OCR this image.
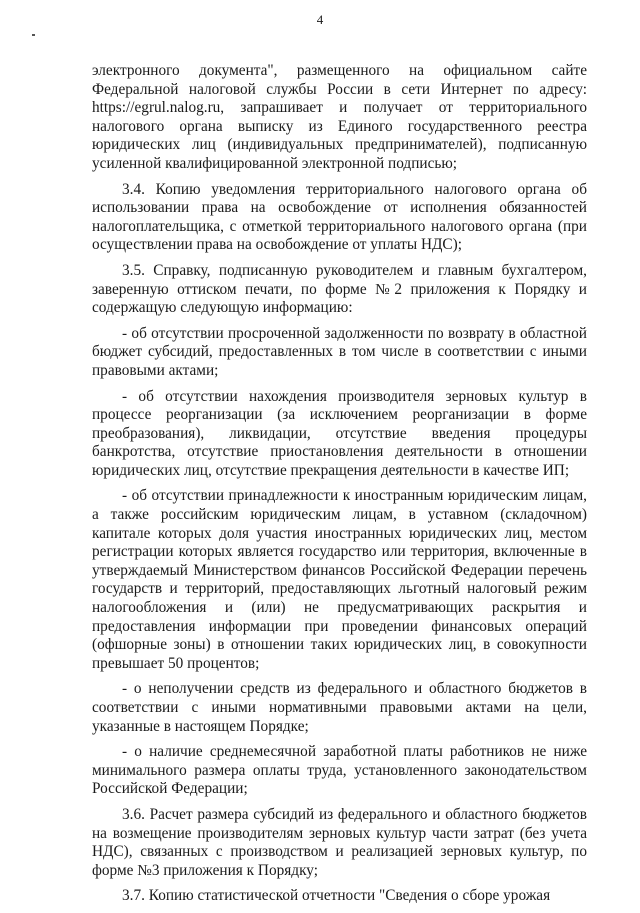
4

электронного документа", размещенного на официальном сайте Федеральной налоговой службы России в сети Интернет по адресу: https://egrul.nalog.ru, запрашивает и получает от территориального налогового органа выписку из Единого государственного реестра юридических лиц (индивидуальных предпринимателей), подписанную усиленной квалифицированной электронной подписью;

3.4. Копию уведомления территориального налогового органа об использовании права на освобождение от исполнения обязанностей налогоплательщика, с отметкой территориального налогового органа (при осуществлении права на освобождение от уплаты НДС);

3.5. Справку, подписанную руководителем и главным бухгалтером, заверенную оттиском печати, по форме №2 приложения к Порядку и содержащую следующую информацию:

- об отсутствии просроченной задолженности по возврату в областной бюджет субсидий, предоставленных в том числе в соответствии с иными правовыми актами;

- об отсутствии нахождения производителя зерновых культур в процессе реорганизации (за исключением реорганизации в форме преобразования), ликвидации, отсутствие введения процедуры банкротства, отсутствие приостановления деятельности в отношении юридических лиц, отсутствие прекращения деятельности в качестве ИП;

- об отсутствии принадлежности к иностранным юридическим лицам, а также российским юридическим лицам, в уставном (складочном) капитале которых доля участия иностранных юридических лиц, местом регистрации которых является государство или территория, включенные в утверждаемый Министерством финансов Российской Федерации перечень государств и территорий, предоставляющих льготный налоговый режим налогообложения и (или) не предусматривающих раскрытия и предоставления информации при проведении финансовых операций (офшорные зоны) в отношении таких юридических лиц, в совокупности превышает 50 процентов;

- о неполучении средств из федерального и областного бюджетов в соответствии с иными нормативными правовыми актами на цели, указанные в настоящем Порядке;

- о наличие среднемесячной заработной платы работников не ниже минимального размера оплаты труда, установленного законодательством Российской Федерации;

3.6. Расчет размера субсидий из федерального и областного бюджетов на возмещение производителям зерновых культур части затрат (без учета НДС), связанных с производством и реализацией зерновых культур, по форме №3 приложения к Порядку;

3.7. Копию статистической отчетности "Сведения о сборе урожая
